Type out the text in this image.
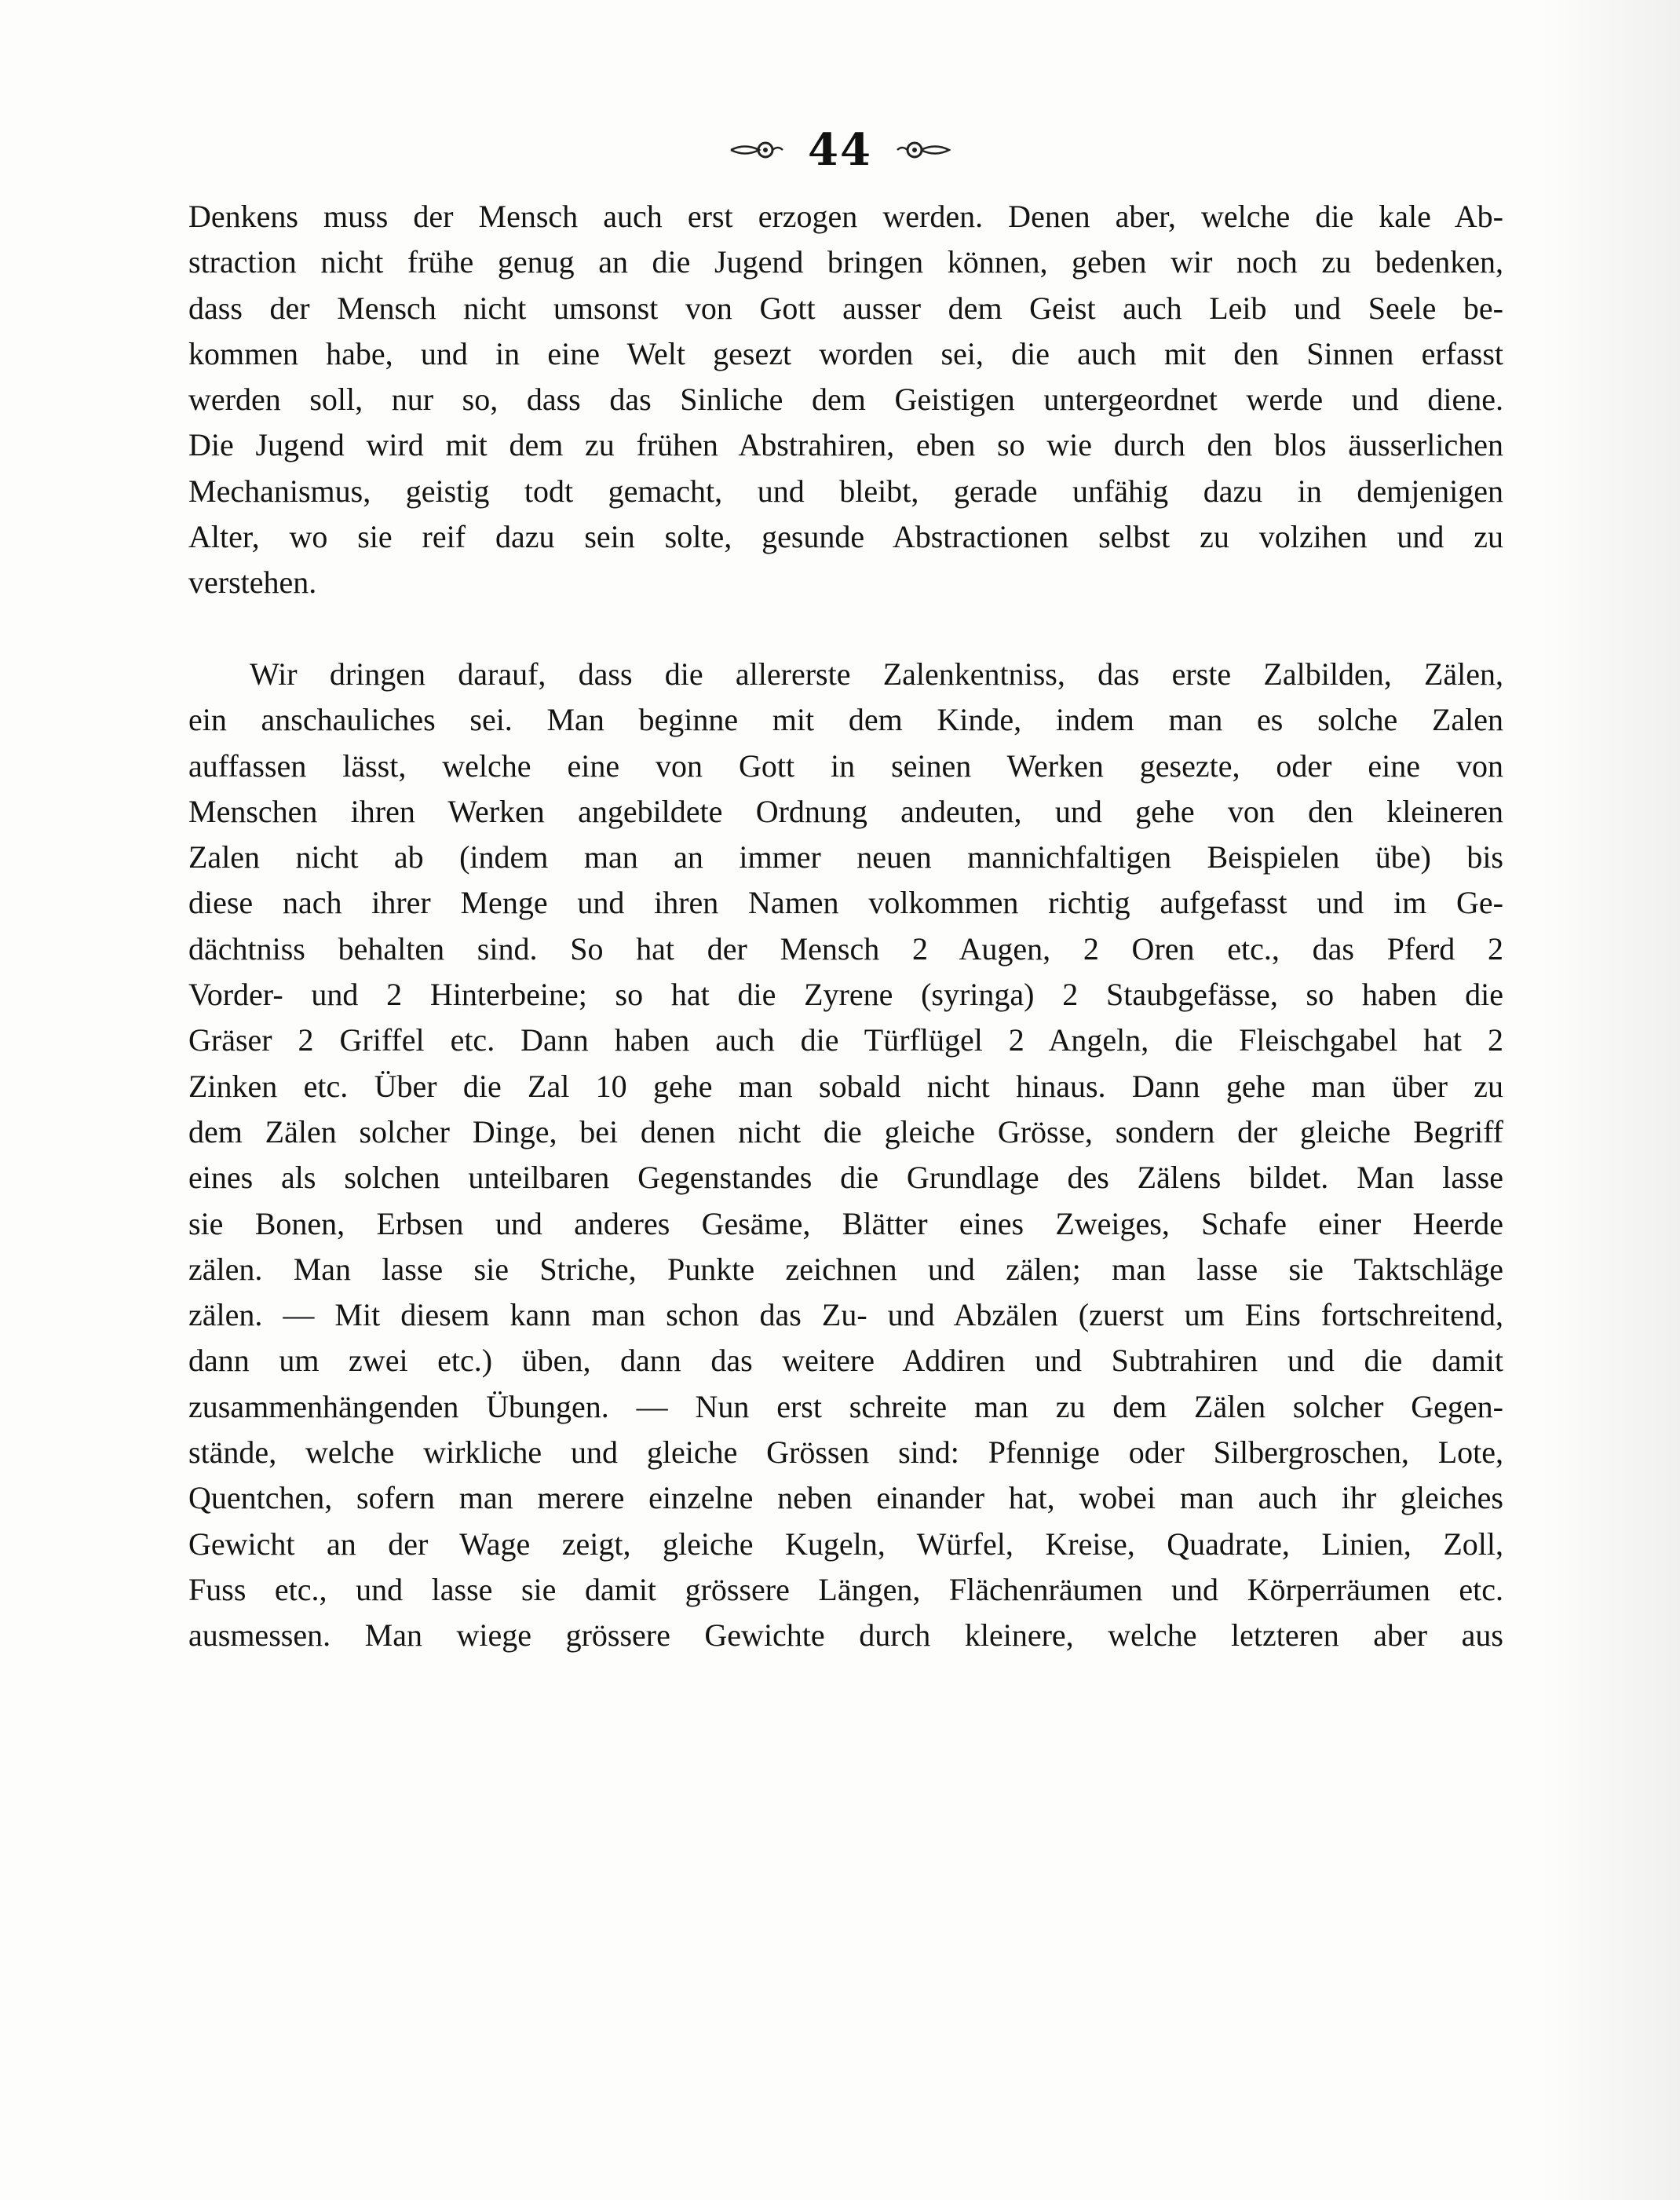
44
Denkens muss der Mensch auch erst erzogen werden. Denen aber, welche die kale Ab-
straction nicht frühe genug an die Jugend bringen können, geben wir noch zu bedenken,
dass der Mensch nicht umsonst von Gott ausser dem Geist auch Leib und Seele be-
kommen habe, und in eine Welt gesezt worden sei, die auch mit den Sinnen erfasst
werden soll, nur so, dass das Sinliche dem Geistigen untergeordnet werde und diene.
Die Jugend wird mit dem zu frühen Abstrahiren, eben so wie durch den blos äusserlichen
Mechanismus, geistig todt gemacht, und bleibt, gerade unfähig dazu in demjenigen
Alter, wo sie reif dazu sein solte, gesunde Abstractionen selbst zu volzihen und zu
verstehen.
Wir dringen darauf, dass die allererste Zalenkentniss, das erste Zalbilden, Zälen,
ein anschauliches sei. Man beginne mit dem Kinde, indem man es solche Zalen
auffassen lässt, welche eine von Gott in seinen Werken gesezte, oder eine von
Menschen ihren Werken angebildete Ordnung andeuten, und gehe von den kleineren
Zalen nicht ab (indem man an immer neuen mannichfaltigen Beispielen übe) bis
diese nach ihrer Menge und ihren Namen volkommen richtig aufgefasst und im Ge-
dächtniss behalten sind. So hat der Mensch 2 Augen, 2 Oren etc., das Pferd 2
Vorder- und 2 Hinterbeine; so hat die Zyrene (syringa) 2 Staubgefässe, so haben die
Gräser 2 Griffel etc. Dann haben auch die Türflügel 2 Angeln, die Fleischgabel hat 2
Zinken etc. Über die Zal 10 gehe man sobald nicht hinaus. Dann gehe man über zu
dem Zälen solcher Dinge, bei denen nicht die gleiche Grösse, sondern der gleiche Begriff
eines als solchen unteilbaren Gegenstandes die Grundlage des Zälens bildet. Man lasse
sie Bonen, Erbsen und anderes Gesäme, Blätter eines Zweiges, Schafe einer Heerde
zälen. Man lasse sie Striche, Punkte zeichnen und zälen; man lasse sie Taktschläge
zälen. — Mit diesem kann man schon das Zu- und Abzälen (zuerst um Eins fortschreitend,
dann um zwei etc.) üben, dann das weitere Addiren und Subtrahiren und die damit
zusammenhängenden Übungen. — Nun erst schreite man zu dem Zälen solcher Gegen-
stände, welche wirkliche und gleiche Grössen sind: Pfennige oder Silbergroschen, Lote,
Quentchen, sofern man merere einzelne neben einander hat, wobei man auch ihr gleiches
Gewicht an der Wage zeigt, gleiche Kugeln, Würfel, Kreise, Quadrate, Linien, Zoll,
Fuss etc., und lasse sie damit grössere Längen, Flächenräumen und Körperräumen etc.
ausmessen. Man wiege grössere Gewichte durch kleinere, welche letzteren aber aus
